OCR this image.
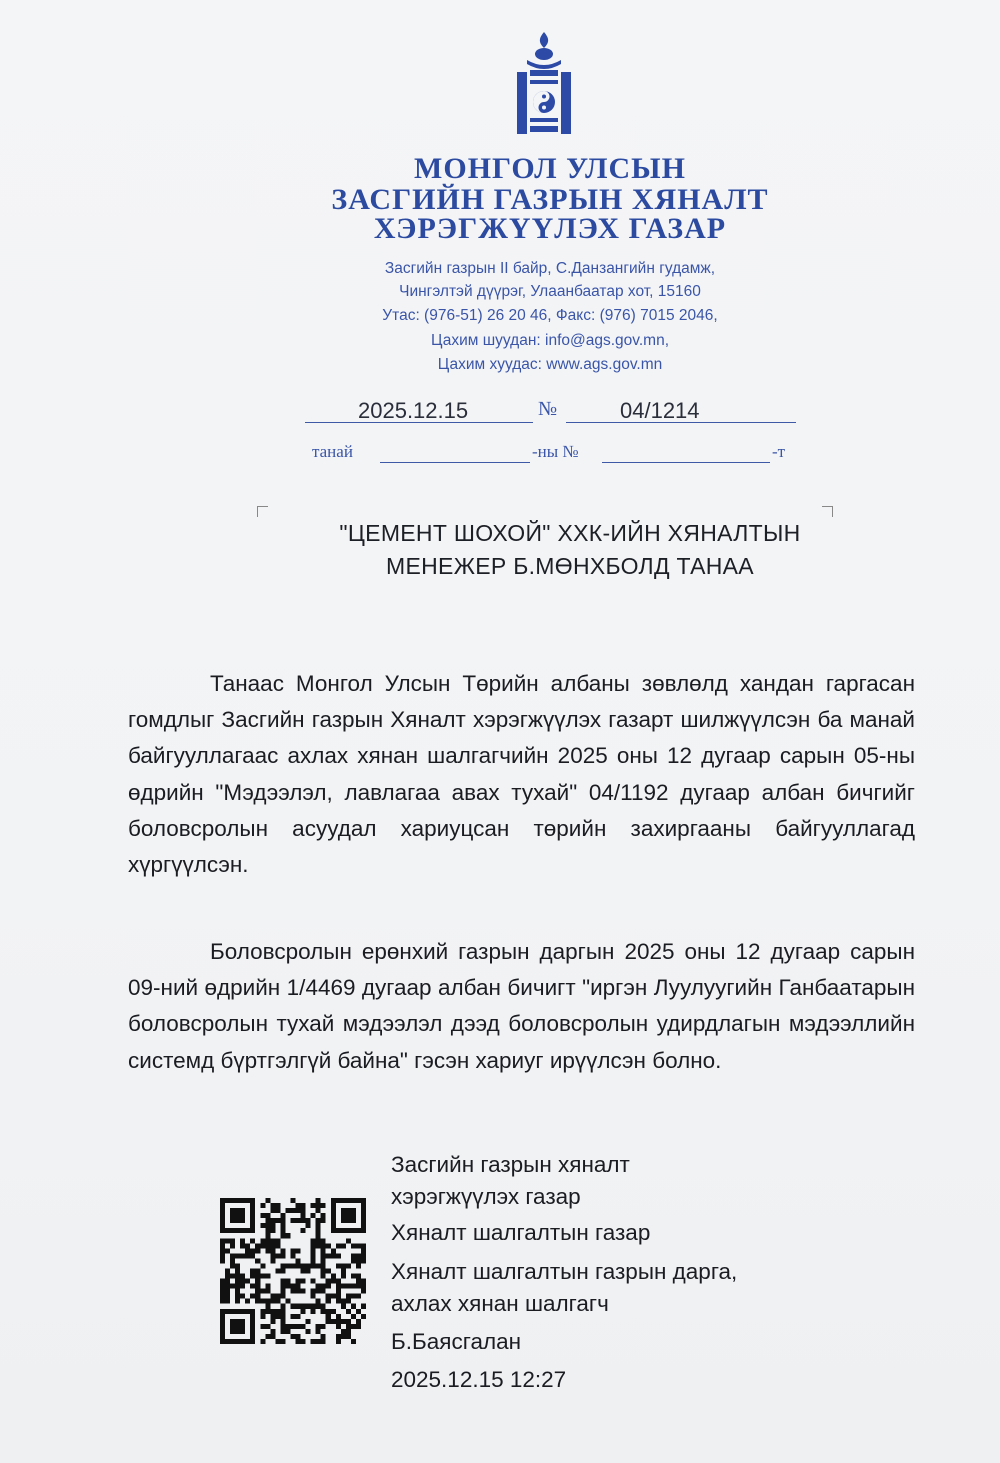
МОНГОЛ УЛСЫН
ЗАСГИЙН ГАЗРЫН ХЯНАЛТ
ХЭРЭГЖҮҮЛЭХ ГАЗАР
Засгийн газрын II байр, С.Данзангийн гудамж,
Чингэлтэй дүүрэг, Улаанбаатар хот, 15160
Утас: (976-51) 26 20 46, Факс: (976) 7015 2046,
Цахим шуудан: info@ags.gov.mn,
Цахим хуудас: www.ags.gov.mn
2025.12.15	№	04/1214
танай	-ны №	-т
"ЦЕМЕНТ ШОХОЙ" ХХК-ИЙН ХЯНАЛТЫН
МЕНЕЖЕР Б.МӨНХБОЛД ТАНАА

Танаас Монгол Улсын Төрийн албаны зөвлөлд хандан гаргасан гомдлыг Засгийн газрын Хяналт хэрэгжүүлэх газарт шилжүүлсэн ба манай байгууллагаас ахлах хянан шалгагчийн 2025 оны 12 дугаар сарын 05-ны өдрийн "Мэдээлэл, лавлагаа авах тухай" 04/1192 дугаар албан бичгийг боловсролын асуудал хариуцсан төрийн захиргааны байгууллагад хүргүүлсэн.

Боловсролын ерөнхий газрын даргын 2025 оны 12 дугаар сарын 09-ний өдрийн 1/4469 дугаар албан бичигт "иргэн Луулуугийн Ганбаатарын боловсролын тухай мэдээлэл дээд боловсролын удирдлагын мэдээллийн системд бүртгэлгүй байна" гэсэн хариуг ирүүлсэн болно.

Засгийн газрын хяналт
хэрэгжүүлэх газар
Хяналт шалгалтын газар
Хяналт шалгалтын газрын дарга,
ахлах хянан шалгагч
Б.Баясгалан
2025.12.15 12:27
